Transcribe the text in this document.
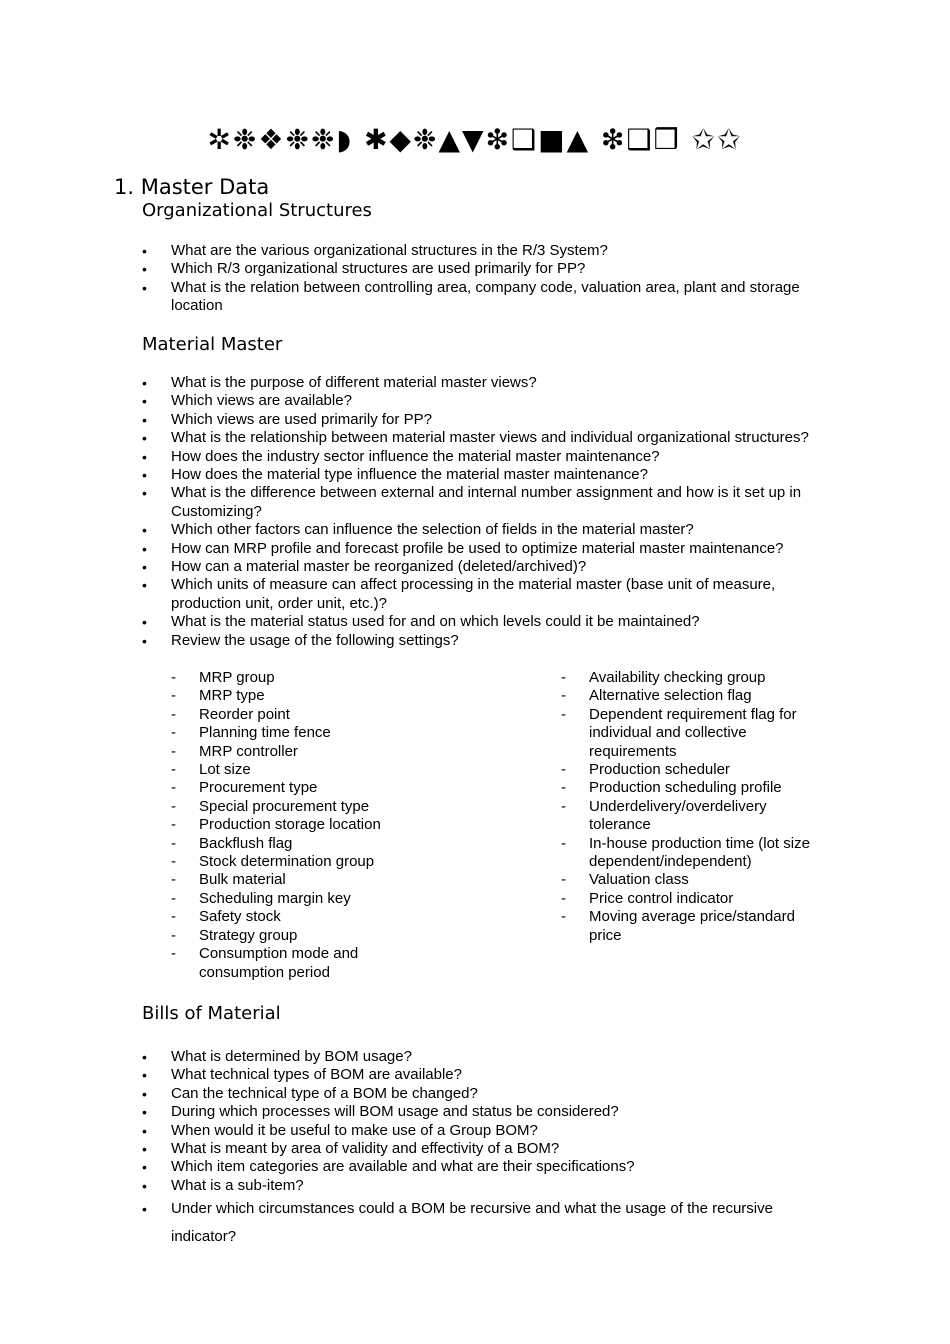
✲❉❖❉❉◗ ✱◆❉▲▼❇❑■▲ ❇❑❒ ✩✩
1. Master Data
Organizational Structures
•	What are the various organizational structures in the R/3 System?
•	Which R/3 organizational structures are used primarily for PP?
•	What is the relation between controlling area, company code, valuation area, plant and storage location
Material Master
•	What is the purpose of different material master views?
•	Which views are available?
•	Which views are used primarily for PP?
•	What is the relationship between material master views and individual organizational structures?
•	How does the industry sector influence the material master maintenance?
•	How does the material type influence the material master maintenance?
•	What is the difference between external and internal number assignment and how is it set up in Customizing?
•	Which other factors can influence the selection of fields in the material master?
•	How can MRP profile and forecast profile be used to optimize material master maintenance?
•	How can a material master be reorganized (deleted/archived)?
•	Which units of measure can affect processing in the material master (base unit of measure, production unit, order unit, etc.)?
•	What is the material status used for and on which levels could it be maintained?
•	Review the usage of the following settings?
- MRP group
- MRP type
- Reorder point
- Planning time fence
- MRP controller
- Lot size
- Procurement type
- Special procurement type
- Production storage location
- Backflush flag
- Stock determination group
- Bulk material
- Scheduling margin key
- Safety stock
- Strategy group
- Consumption mode and consumption period
- Availability checking group
- Alternative selection flag
- Dependent requirement flag for individual and collective requirements
- Production scheduler
- Production scheduling profile
- Underdelivery/overdelivery tolerance
- In-house production time (lot size dependent/independent)
- Valuation class
- Price control indicator
- Moving average price/standard price
Bills of Material
•	What is determined by BOM usage?
•	What technical types of BOM are available?
•	Can the technical type of a BOM be changed?
•	During which processes will BOM usage and status be considered?
•	When would it be useful to make use of a Group BOM?
•	What is meant by area of validity and effectivity of a BOM?
•	Which item categories are available and what are their specifications?
•	What is a sub-item?
•	Under which circumstances could a BOM be recursive and what the usage of the recursive indicator?
